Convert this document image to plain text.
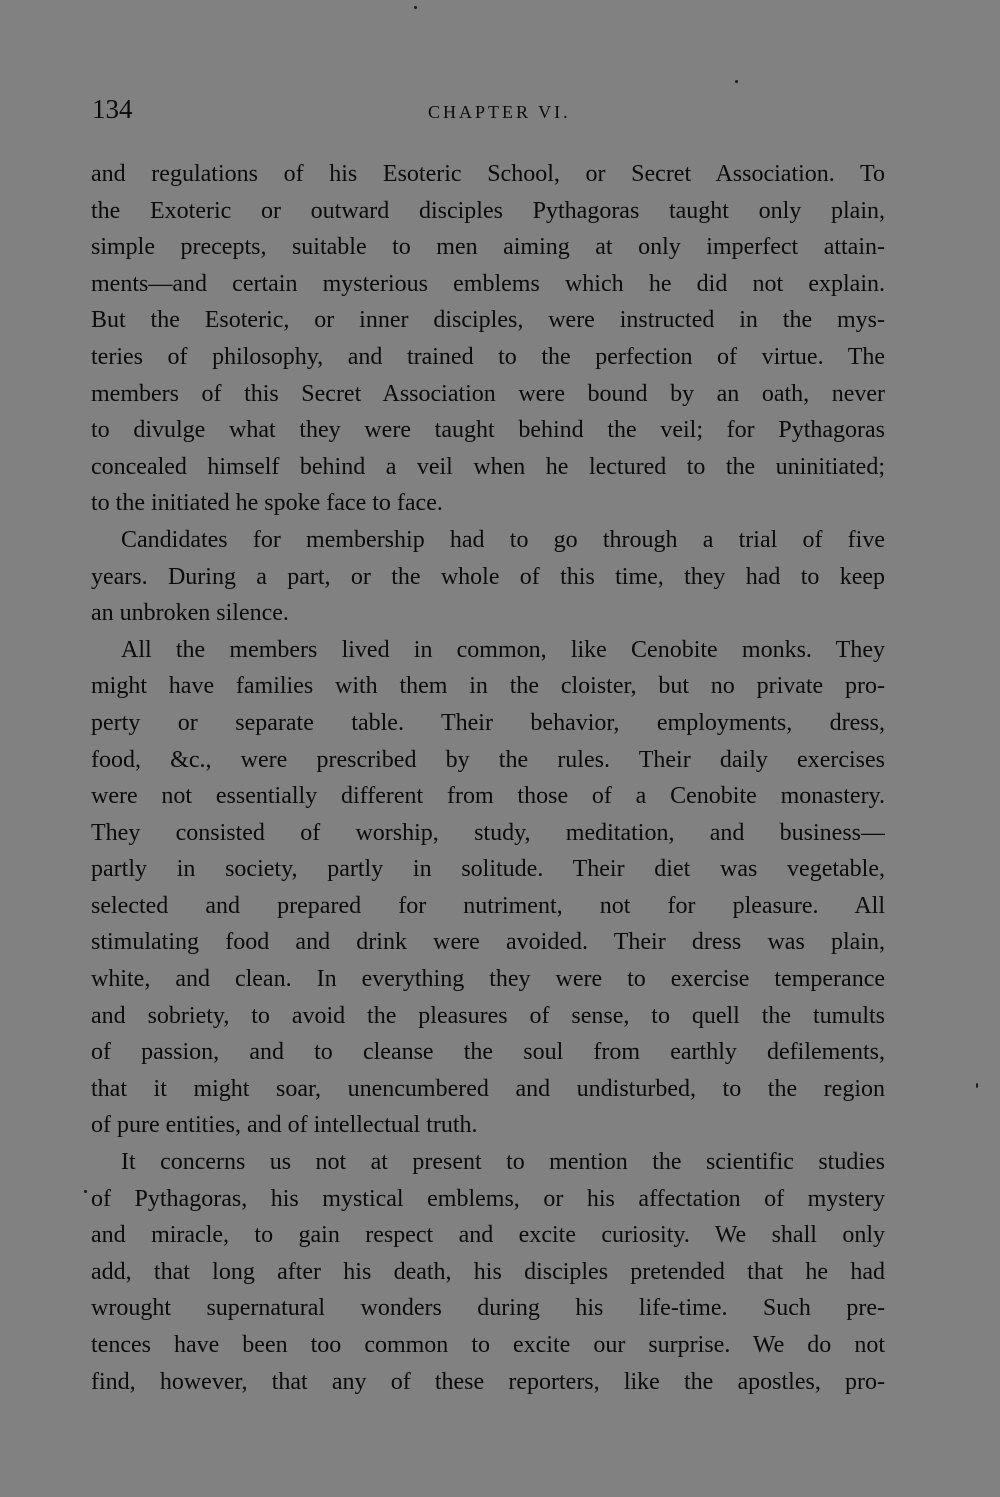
134	CHAPTER VI.
and regulations of his Esoteric School, or Secret Association. To
the Exoteric or outward disciples Pythagoras taught only plain,
simple precepts, suitable to men aiming at only imperfect attain-
ments—and certain mysterious emblems which he did not explain.
But the Esoteric, or inner disciples, were instructed in the mys-
teries of philosophy, and trained to the perfection of virtue. The
members of this Secret Association were bound by an oath, never
to divulge what they were taught behind the veil; for Pythagoras
concealed himself behind a veil when he lectured to the uninitiated;
to the initiated he spoke face to face.
Candidates for membership had to go through a trial of five
years. During a part, or the whole of this time, they had to keep
an unbroken silence.
All the members lived in common, like Cenobite monks. They
might have families with them in the cloister, but no private pro-
perty or separate table. Their behavior, employments, dress,
food, &c., were prescribed by the rules. Their daily exercises
were not essentially different from those of a Cenobite monastery.
They consisted of worship, study, meditation, and business—
partly in society, partly in solitude. Their diet was vegetable,
selected and prepared for nutriment, not for pleasure. All
stimulating food and drink were avoided. Their dress was plain,
white, and clean. In everything they were to exercise temperance
and sobriety, to avoid the pleasures of sense, to quell the tumults
of passion, and to cleanse the soul from earthly defilements,
that it might soar, unencumbered and undisturbed, to the region
of pure entities, and of intellectual truth.
It concerns us not at present to mention the scientific studies
of Pythagoras, his mystical emblems, or his affectation of mystery
and miracle, to gain respect and excite curiosity. We shall only
add, that long after his death, his disciples pretended that he had
wrought supernatural wonders during his life-time. Such pre-
tences have been too common to excite our surprise. We do not
find, however, that any of these reporters, like the apostles, pro-
